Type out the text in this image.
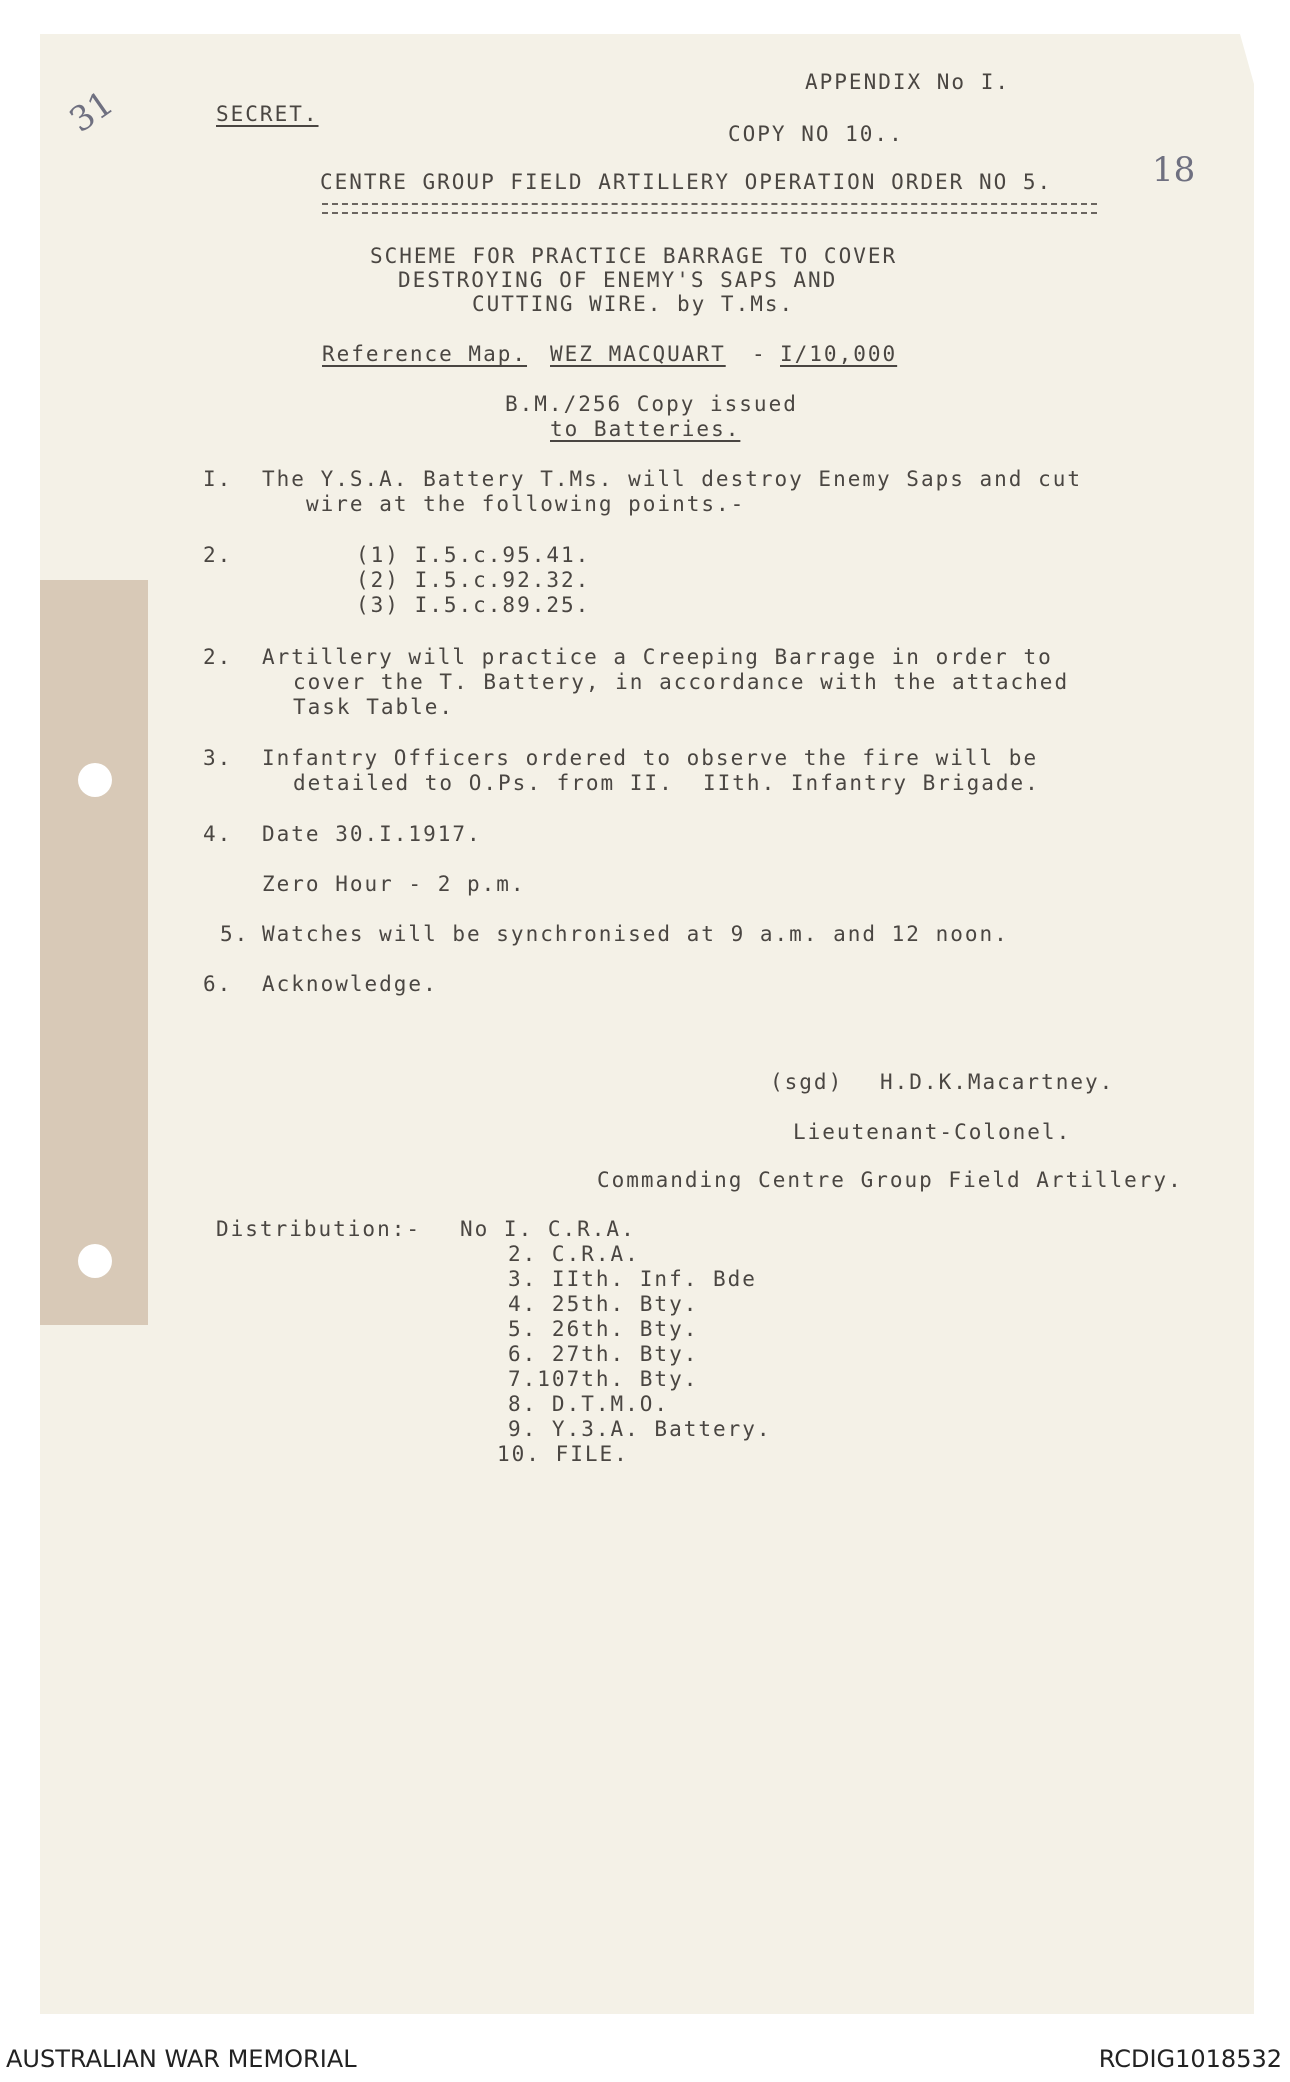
31
18
SECRET.
APPENDIX No I.
COPY NO 10..
CENTRE GROUP FIELD ARTILLERY OPERATION ORDER NO 5.
SCHEME FOR PRACTICE BARRAGE TO COVER
DESTROYING OF ENEMY'S SAPS AND
CUTTING WIRE. by T.Ms.
Reference Map. WEZ MACQUART - I/10,000
B.M./256 Copy issued
to Batteries.
I. The Y.S.A. Battery T.Ms. will destroy Enemy Saps and cut
wire at the following points.-
2.	(1) I.5.c.95.41.
(2) I.5.c.92.32.
(3) I.5.c.89.25.
2. Artillery will practice a Creeping Barrage in order to
cover the T. Battery, in accordance with the attached
Task Table.
3. Infantry Officers ordered to observe the fire will be
detailed to O.Ps. from II.  IIth. Infantry Brigade.
4. Date 30.I.1917.
Zero Hour - 2 p.m.
5. Watches will be synchronised at 9 a.m. and 12 noon.
6. Acknowledge.
(sgd) H.D.K.Macartney.
Lieutenant-Colonel.
Commanding Centre Group Field Artillery.
Distribution:- No I. C.R.A.
2. C.R.A.
3. IIth. Inf. Bde
4. 25th. Bty.
5. 26th. Bty.
6. 27th. Bty.
7.107th. Bty.
8. D.T.M.O.
9. Y.3.A. Battery.
10. FILE.
AUSTRALIAN WAR MEMORIAL	RCDIG1018532
